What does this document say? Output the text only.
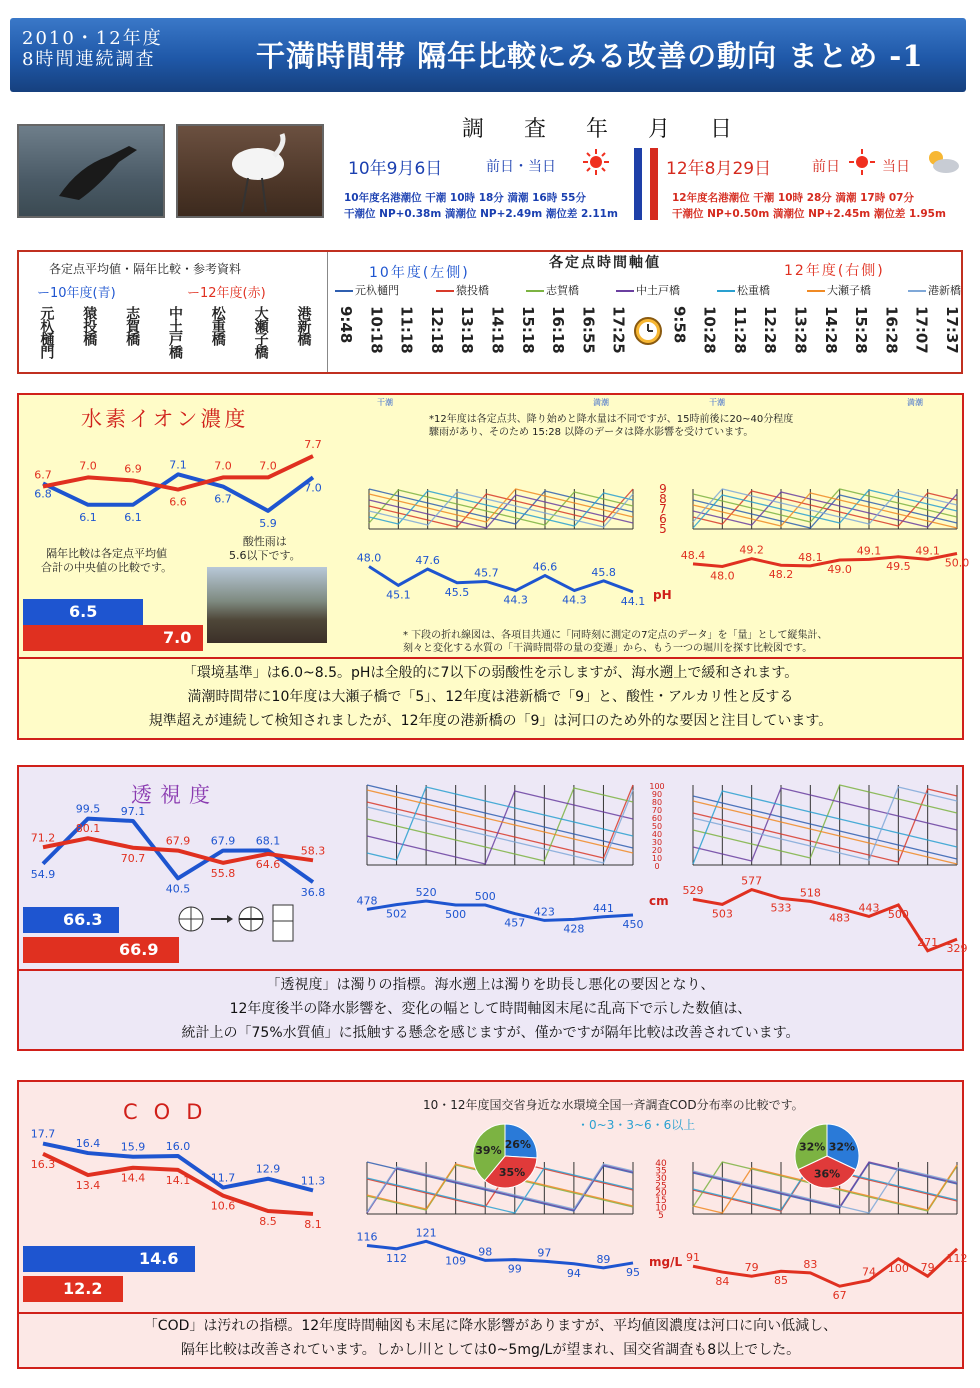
2010・12年度
8時間連続調査	干満時間帯 隔年比較にみる改善の動向 まとめ -1
調査年月日
10年9月6日	前日・当日
10年度名港潮位 干潮 10時 18分 満潮 16時 55分
干潮位 NP+0.38m 満潮位 NP+2.49m 潮位差 2.11m
12年8月29日	前日	当日
12年度名港潮位 干潮 10時 28分 満潮 17時 07分
干潮位 NP+0.50m 満潮位 NP+2.45m 潮位差 1.95m
各定点平均値・隔年比較・参考資料
ー10年度(青)	ー12年度(赤)
元杁樋門 猿投橋 志賀橋 中土戸橋 松重橋 大瀬子橋 港新橋
各定点時間軸値
10年度(左側)	12年度(右側)
元杁樋門	猿投橋	志賀橋	中土戸橋	松重橋	大瀬子橋	港新橋
9:48 10:18 11:18 12:18 13:18 14:18 15:18 16:18 16:55 17:25	9:58 10:28 11:28 12:28 13:28 14:28 15:28 16:28 17:07 17:37
水素イオン濃度
6.8
6.1	6.1
7.1
6.7
5.9
7.0
6.7
7.0	6.9
6.6
7.0	7.0
7.7
隔年比較は各定点平均値
合計の中央値の比較です。
酸性雨は
5.6以下です。
6.5
7.0
*12年度は各定点共、降り始めと降水量は不同ですが、15時前後に20~40分程度
驟雨があり、そのため 15:28 以降のデータは降水影響を受けています。
干潮	満潮	干潮	満潮
48.0
45.1
47.6
45.5
45.7
44.3
46.6
44.3
45.8
44.1
48.4
48.0
49.2
48.2
48.1
49.0
49.1
49.5
49.1
50.0
9
8
7
6
5
pH
* 下段の折れ線図は、各項目共通に「同時刻に測定の7定点のデータ」を「量」として縦集計、
刻々と変化する水質の「干満時間帯の量の変遷」から、もう一つの堀川を探す比較図です。
「環境基準」は6.0~8.5。pHは全般的に7以下の弱酸性を示しますが、海水遡上で緩和されます。
満潮時間帯に10年度は大瀬子橋で「5」、12年度は港新橋で「9」と、酸性・アルカリ性と反する
規準超えが連続して検知されましたが、12年度の港新橋の「9」は河口のため外的な要因と注目しています。
透視度
54.9
99.5 97.1
40.5
67.9 68.1
36.8
71.2
80.1
70.7
67.9
55.8
64.6
58.3
66.3
66.9
478
502
520
500
500
457
423
428
441
450
529
503
577
533
518
483
443
500
271 329
100
90
80
70
60
50
40
30
20
10
0
cm
「透視度」は濁りの指標。海水遡上は濁りを助長し悪化の要因となり、
12年度後半の降水影響を、変化の幅として時間軸図末尾に乱高下で示した数値は、
統計上の「75%水質値」に抵触する懸念を感じますが、僅かですが隔年比較は改善されています。
COD
17.7
16.4 15.9 16.0
11.7
12.9
11.3
16.3
13.4
14.4 14.1
10.6
8.5	8.1
14.6
12.2
10・12年度国交省身近な水環境全国一斉調査COD分布率の比較です。
・0~3・3~6・6以上
116
112
121
109
98
99
97
94
89
95
91
84
79
85
83
67
74 100 79
112
40
35
30
25
20
15
10
5
mg/L
「COD」は汚れの指標。12年度時間軸図も末尾に降水影響がありますが、平均値図濃度は河口に向い低減し、
隔年比較は改善されています。しかし川としては0~5mg/Lが望まれ、国交省調査も8以上でした。
26%
35%
39%	32%
36%
32%
